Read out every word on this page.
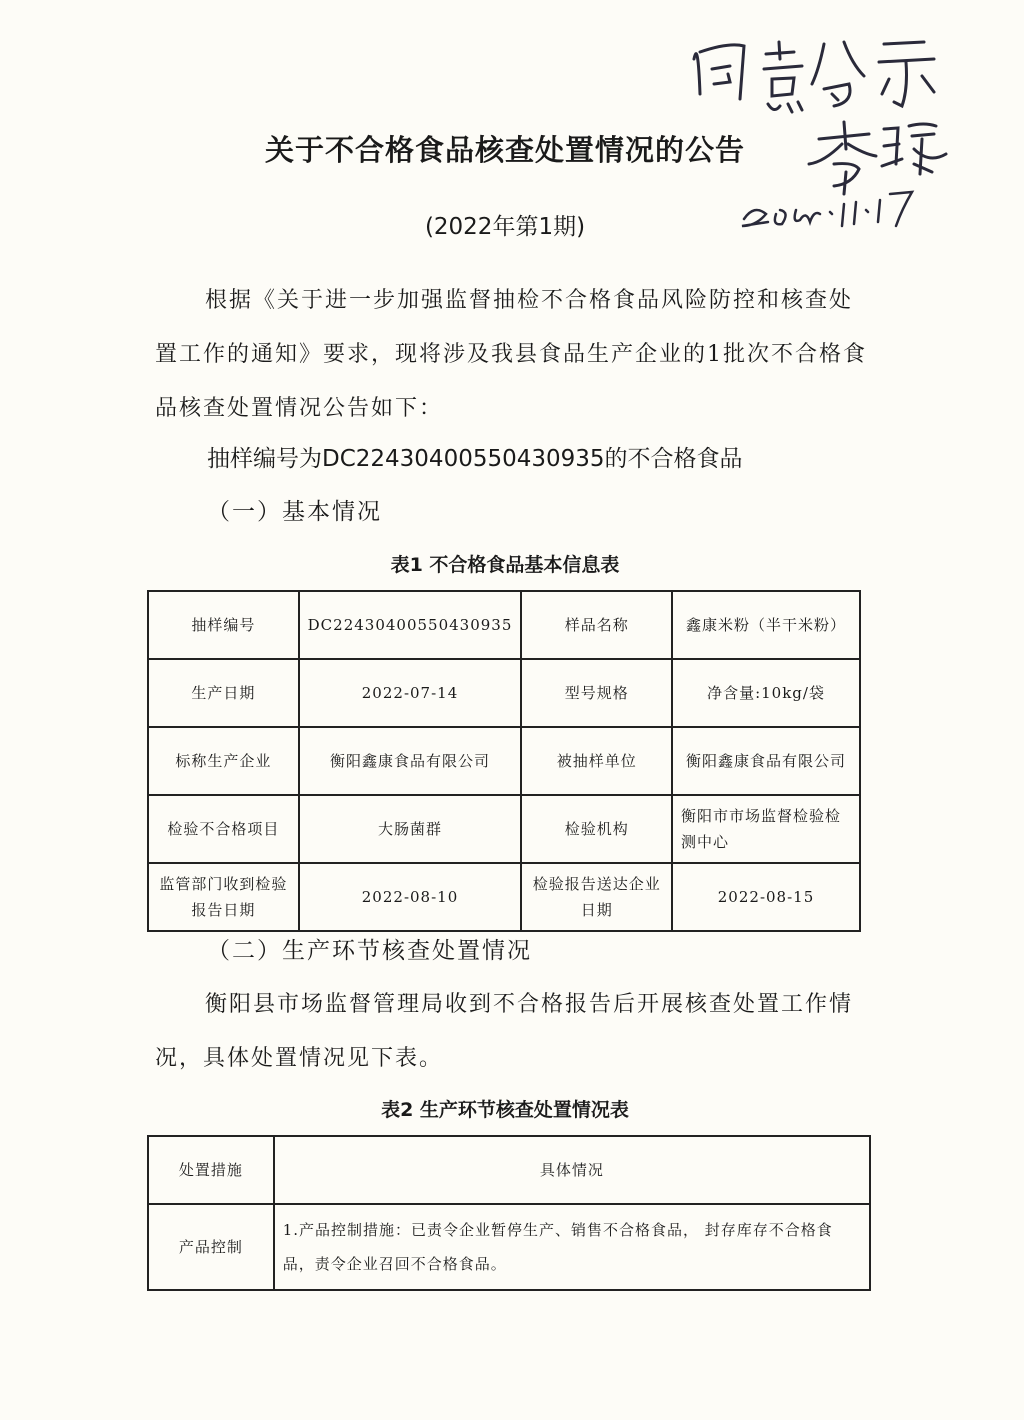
关于不合格食品核查处置情况的公告
(2022年第1期)
根据《关于进一步加强监督抽检不合格食品风险防控和核查处置工作的通知》要求，现将涉及我县食品生产企业的1批次不合格食品核查处置情况公告如下：
抽样编号为DC22430400550430935的不合格食品
（一）基本情况
表1 不合格食品基本信息表
抽样编号	DC22430400550430935	样品名称	鑫康米粉（半干米粉）
生产日期	2022-07-14	型号规格	净含量:10kg/袋
标称生产企业	衡阳鑫康食品有限公司	被抽样单位	衡阳鑫康食品有限公司
检验不合格项目	大肠菌群	检验机构	衡阳市市场监督检验检测中心
监管部门收到检验报告日期	2022-08-10	检验报告送达企业日期	2022-08-15
（二）生产环节核查处置情况
衡阳县市场监督管理局收到不合格报告后开展核查处置工作情况，具体处置情况见下表。
表2 生产环节核查处置情况表
处置措施	具体情况
产品控制	1.产品控制措施：已责令企业暂停生产、销售不合格食品， 封存库存不合格食品，责令企业召回不合格食品。
